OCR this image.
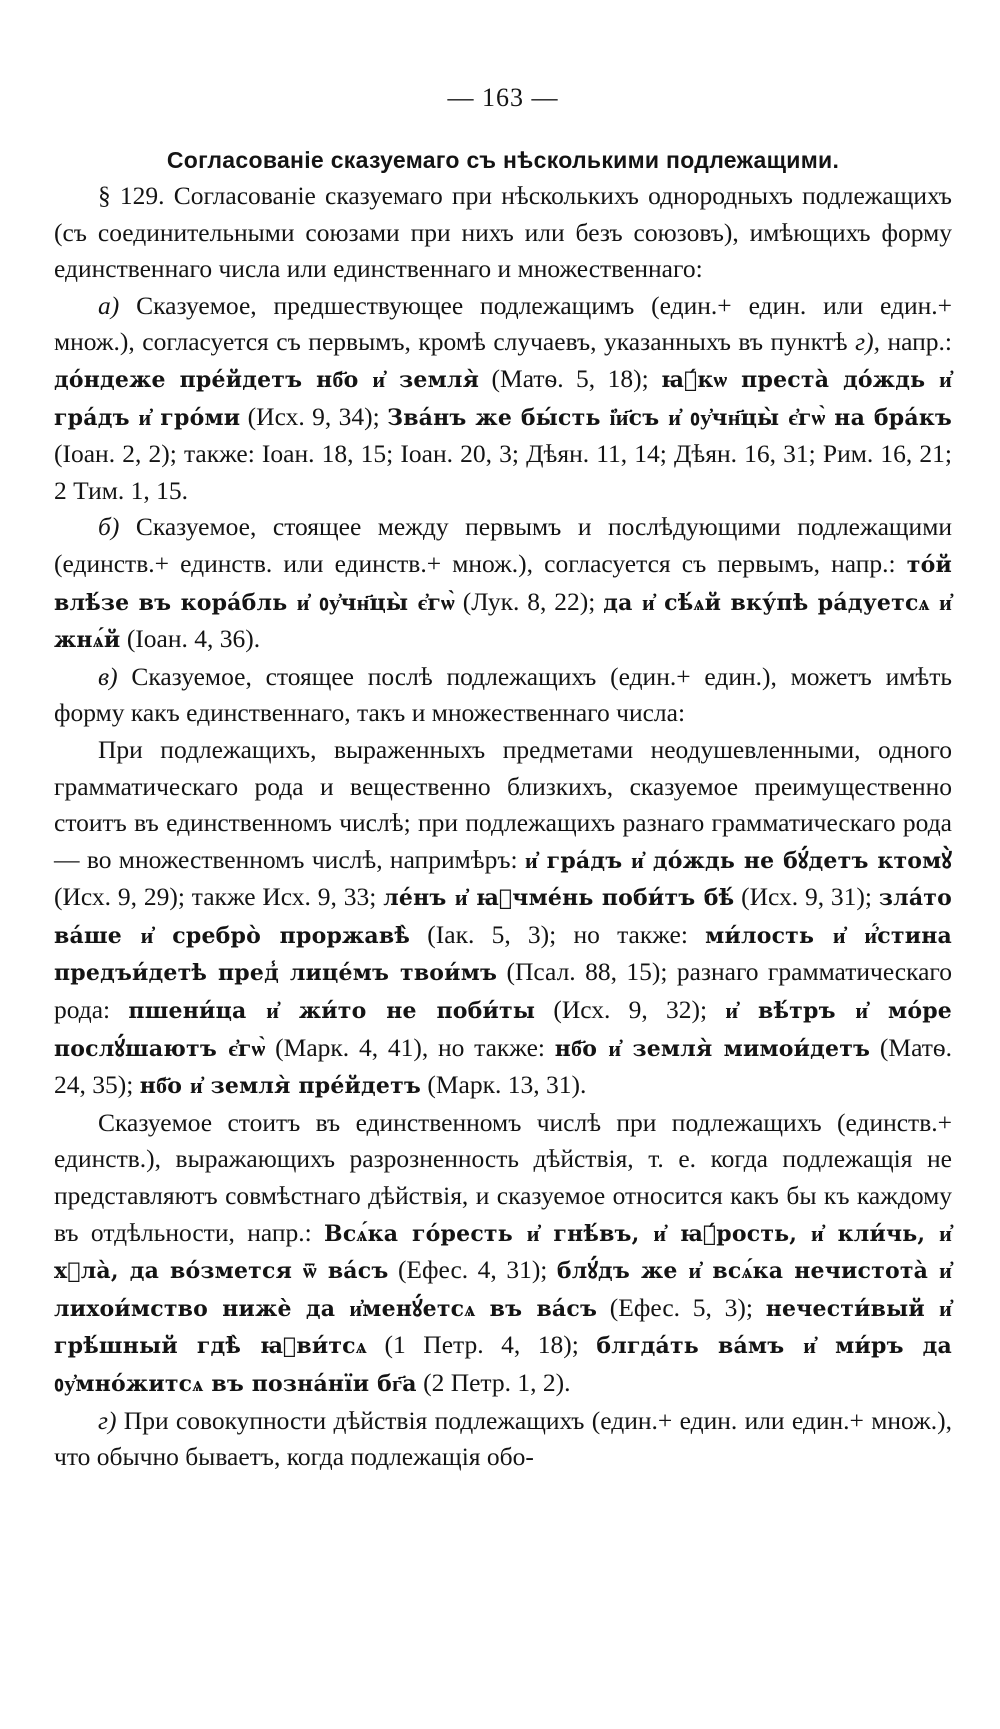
— 163 —
Согласованіе сказуемаго съ нѣсколькими подлежащими.

§ 129. Согласованіе сказуемаго при нѣсколькихъ однородныхъ подлежащихъ (съ соединительными союзами при нихъ или безъ союзовъ), имѣющихъ форму единственнаго числа или единственнаго и множественнаго:

а) Сказуемое, предшествующее подлежащимъ (един.+ един. или един.+ множ.), согласуется съ первымъ, кромѣ случаевъ, указанныхъ въ пунктѣ г), напр.: до́ндеже пре́йдетъ нб҃о и҆ земля̀ (Матѳ. 5, 18); ꙗ҆́кѡ преста̀ до́ждь и҆ гра́дъ и҆ гро́ми (Исх. 9, 34); Зва́нъ же бы́сть і҆и҃съ и҆ ᲂу҆чн҃цы̀ є҆гѡ̀ на бра́къ (Іоан. 2, 2); также: Іоан. 18, 15; Іоан. 20, 3; Дѣян. 11, 14; Дѣян. 16, 31; Рим. 16, 21; 2 Тим. 1, 15.

б) Сказуемое, стоящее между первымъ и послѣдующими подлежащими (единств.+ единств. или единств.+ множ.), согласуется съ первымъ, напр.: то́й влѣ́зе въ кора́бль и҆ ᲂу҆чн҃цы̀ є҆гѡ̀ (Лук. 8, 22); да и҆ сѣ́ѧй вку́пѣ ра́дуетсѧ и҆ жнѧ́й (Іоан. 4, 36).

в) Сказуемое, стоящее послѣ подлежащихъ (един.+ един.), можетъ имѣть форму какъ единственнаго, такъ и множественнаго числа:

При подлежащихъ, выраженныхъ предметами неодушевленными, одного грамматическаго рода и вещественно близкихъ, сказуемое преимущественно стоитъ въ единственномъ числѣ; при подлежащихъ разнаго грамматическаго рода — во множественномъ числѣ, напримѣръ: и҆ гра́дъ и҆ до́ждь не бꙋ́детъ ктомꙋ̀ (Исх. 9, 29); также Исх. 9, 33; ле́нъ и҆ ꙗ҆чме́нь поби́тъ бѣ́ (Исх. 9, 31); зла́то ва́ше и҆ сребро̀ проржавѣ̀ (Іак. 5, 3); но также: ми́лость и҆ и҆́стина предъи́детѣ пред̾ лице́мъ твои́мъ (Псал. 88, 15); разнаго грамматическаго рода: пшени́ца и҆ жи́то не поби́ты (Исх. 9, 32); и҆ вѣ́тръ и҆ мо́ре послꙋ́шаютъ є҆гѡ̀ (Марк. 4, 41), но также: нб҃о и҆ земля̀ мимои́детъ (Матѳ. 24, 35); нб҃о и҆ земля̀ пре́йдетъ (Марк. 13, 31).

Сказуемое стоитъ въ единственномъ числѣ при подлежащихъ (единств.+ единств.), выражающихъ разрозненность дѣйствія, т. е. когда подлежащія не представляютъ совмѣстнаго дѣйствія, и сказуемое относится какъ бы къ каждому въ отдѣльности, напр.: Всѧ́ка го́ресть и҆ гнѣ́въ, и҆ ꙗ҆́рость, и҆ кли́чь, и҆ хꙋла̀, да во́змется ѿ ва́съ (Ефес. 4, 31); блꙋ́дъ же и҆ всѧ́ка нечистота̀ и҆ лихои́мство нижѐ да и҆менꙋ́етсѧ въ ва́съ (Ефес. 5, 3); нечести́вый и҆ грѣ́шный гдѣ̀ ꙗ҆ви́тсѧ (1 Петр. 4, 18); блгда́ть ва́мъ и҆ ми́ръ да ᲂу҆мно́житсѧ въ позна́нїи бг҃а (2 Петр. 1, 2).

г) При совокупности дѣйствія подлежащихъ (един.+ един. или един.+ множ.), что обычно бываетъ, когда подлежащія обо-
